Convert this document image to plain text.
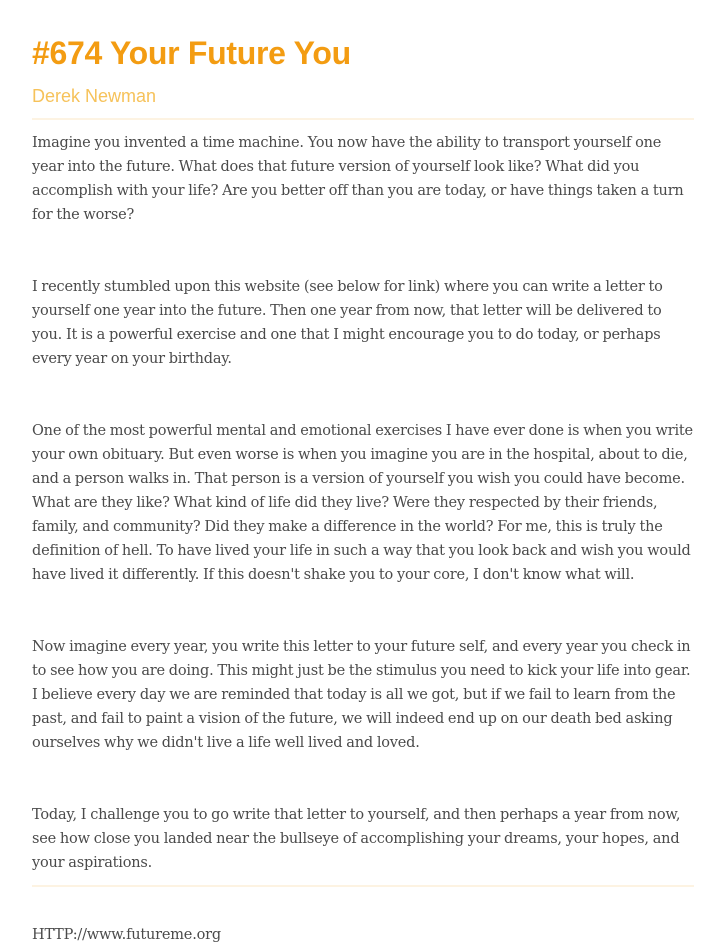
#674 Your Future You
Derek Newman

Imagine you invented a time machine. You now have the ability to transport yourself one year into the future. What does that future version of yourself look like? What did you accomplish with your life? Are you better off than you are today, or have things taken a turn for the worse?

I recently stumbled upon this website (see below for link) where you can write a letter to yourself one year into the future. Then one year from now, that letter will be delivered to you. It is a powerful exercise and one that I might encourage you to do today, or perhaps every year on your birthday.

One of the most powerful mental and emotional exercises I have ever done is when you write your own obituary. But even worse is when you imagine you are in the hospital, about to die, and a person walks in. That person is a version of yourself you wish you could have become. What are they like? What kind of life did they live? Were they respected by their friends, family, and community? Did they make a difference in the world? For me, this is truly the definition of hell. To have lived your life in such a way that you look back and wish you would have lived it differently. If this doesn't shake you to your core, I don't know what will.

Now imagine every year, you write this letter to your future self, and every year you check in to see how you are doing. This might just be the stimulus you need to kick your life into gear. I believe every day we are reminded that today is all we got, but if we fail to learn from the past, and fail to paint a vision of the future, we will indeed end up on our death bed asking ourselves why we didn't live a life well lived and loved.

Today, I challenge you to go write that letter to yourself, and then perhaps a year from now, see how close you landed near the bullseye of accomplishing your dreams, your hopes, and your aspirations.

HTTP://www.futureme.org
